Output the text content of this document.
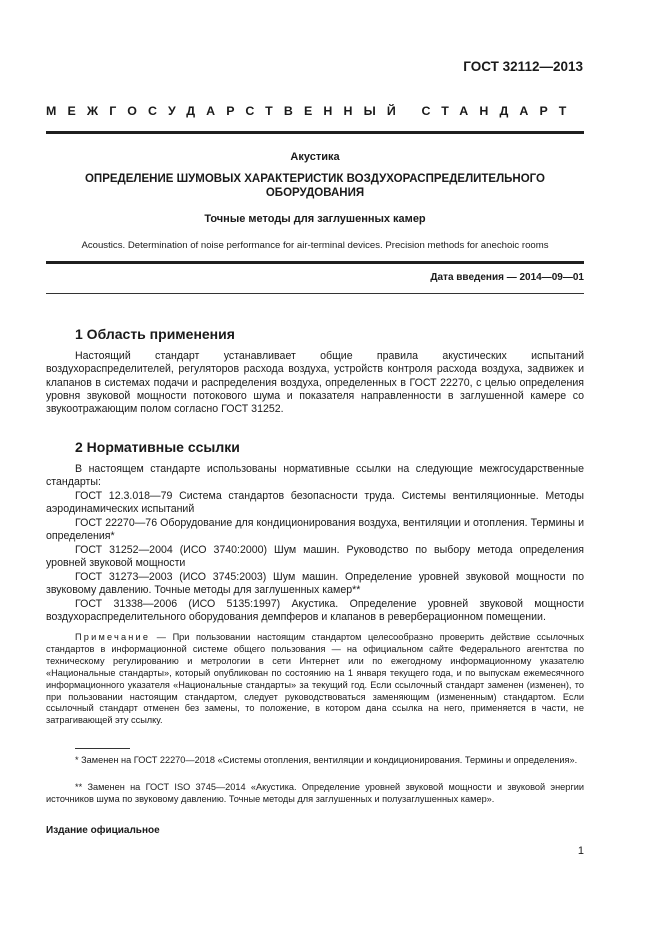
ГОСТ 32112—2013
МЕЖГОСУДАРСТВЕННЫЙ СТАНДАРТ
Акустика
ОПРЕДЕЛЕНИЕ ШУМОВЫХ ХАРАКТЕРИСТИК ВОЗДУХОРАСПРЕДЕЛИТЕЛЬНОГО
ОБОРУДОВАНИЯ
Точные методы для заглушенных камер
Acoustics. Determination of noise performance for air-terminal devices. Precision methods for anechoic rooms
Дата введения — 2014—09—01
1 Область применения
Настоящий стандарт устанавливает общие правила акустических испытаний воздухораспределителей, регуляторов расхода воздуха, устройств контроля расхода воздуха, задвижек и клапанов в системах подачи и распределения воздуха, определенных в ГОСТ 22270, с целью определения уровня звуковой мощности потокового шума и показателя направленности в заглушенной камере со звукоотражающим полом согласно ГОСТ 31252.
2 Нормативные ссылки
В настоящем стандарте использованы нормативные ссылки на следующие межгосударственные стандарты:
ГОСТ 12.3.018—79 Система стандартов безопасности труда. Системы вентиляционные. Методы аэродинамических испытаний
ГОСТ 22270—76 Оборудование для кондиционирования воздуха, вентиляции и отопления. Термины и определения*
ГОСТ 31252—2004 (ИСО 3740:2000) Шум машин. Руководство по выбору метода определения уровней звуковой мощности
ГОСТ 31273—2003 (ИСО 3745:2003) Шум машин. Определение уровней звуковой мощности по звуковому давлению. Точные методы для заглушенных камер**
ГОСТ 31338—2006 (ИСО 5135:1997) Акустика. Определение уровней звуковой мощности воздухораспределительного оборудования демпферов и клапанов в реверберационном помещении.
Примечание — При пользовании настоящим стандартом целесообразно проверить действие ссылочных стандартов в информационной системе общего пользования — на официальном сайте Федерального агентства по техническому регулированию и метрологии в сети Интернет или по ежегодному информационному указателю «Национальные стандарты», который опубликован по состоянию на 1 января текущего года, и по выпускам ежемесячного информационного указателя «Национальные стандарты» за текущий год. Если ссылочный стандарт заменен (изменен), то при пользовании настоящим стандартом, следует руководствоваться заменяющим (измененным) стандартом. Если ссылочный стандарт отменен без замены, то положение, в котором дана ссылка на него, применяется в части, не затрагивающей эту ссылку.
* Заменен на ГОСТ 22270—2018 «Системы отопления, вентиляции и кондиционирования. Термины и определения».
** Заменен на ГОСТ ISO 3745—2014 «Акустика. Определение уровней звуковой мощности и звуковой энергии источников шума по звуковому давлению. Точные методы для заглушенных и полузаглушенных камер».
Издание официальное
1
